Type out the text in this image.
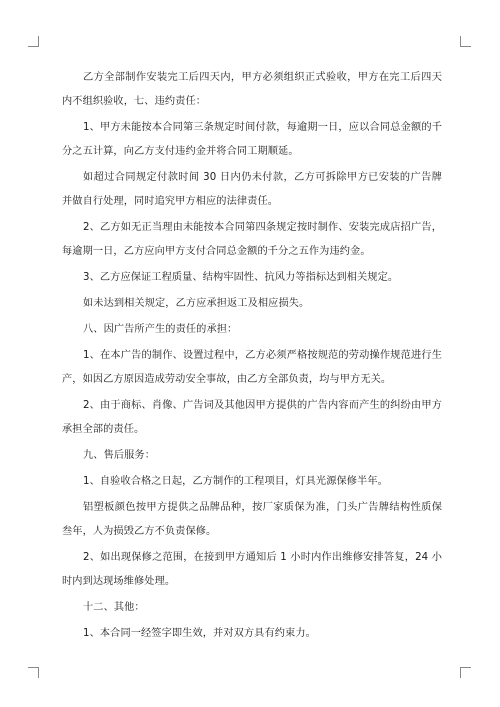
乙方全部制作安装完工后四天内，甲方必须组织正式验收，甲方在完工后四天内不组织验收，七、违约责任：

1、甲方未能按本合同第三条规定时间付款，每逾期一日，应以合同总金额的千分之五计算，向乙方支付违约金并将合同工期顺延。

如超过合同规定付款时间 30 日内仍未付款，乙方可拆除甲方已安装的广告牌并做自行处理，同时追究甲方相应的法律责任。

2、乙方如无正当理由未能按本合同第四条规定按时制作、安装完成店招广告，每逾期一日，乙方应向甲方支付合同总金额的千分之五作为违约金。

3、乙方应保证工程质量、结构牢固性、抗风力等指标达到相关规定。

如未达到相关规定，乙方应承担返工及相应损失。

八、因广告所产生的责任的承担：

1、在本广告的制作、设置过程中，乙方必须严格按规范的劳动操作规范进行生产，如因乙方原因造成劳动安全事故，由乙方全部负责，均与甲方无关。

2、由于商标、肖像、广告词及其他因甲方提供的广告内容而产生的纠纷由甲方承担全部的责任。

九、售后服务：

1、自验收合格之日起，乙方制作的工程项目，灯具光源保修半年。

铝塑板颜色按甲方提供之品牌品种，按厂家质保为准，门头广告牌结构性质保叁年，人为损毁乙方不负责保修。

2、如出现保修之范围，在接到甲方通知后 1 小时内作出维修安排答复，24 小时内到达现场维修处理。

十二、其他：

1、本合同一经签字即生效，并对双方具有约束力。
